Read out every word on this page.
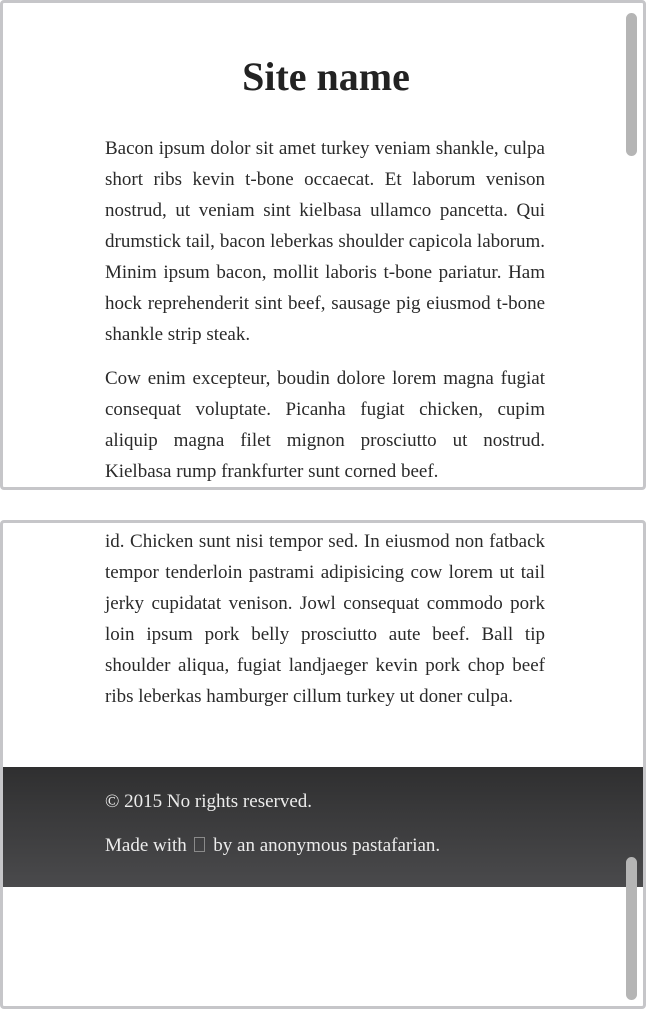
Site name

Bacon ipsum dolor sit amet turkey veniam shankle, culpa short ribs kevin t-bone occaecat. Et laborum venison nostrud, ut veniam sint kielbasa ullamco pancetta. Qui drumstick tail, bacon leberkas shoulder capicola laborum. Minim ipsum bacon, mollit laboris t-bone pariatur. Ham hock reprehenderit sint beef, sausage pig eiusmod t-bone shankle strip steak.

Cow enim excepteur, boudin dolore lorem magna fugiat consequat voluptate. Picanha fugiat chicken, cupim aliquip magna filet mignon prosciutto ut nostrud. Kielbasa rump frankfurter sunt corned beef.

id. Chicken sunt nisi tempor sed. In eiusmod non fatback tempor tenderloin pastrami adipisicing cow lorem ut tail jerky cupidatat venison. Jowl consequat commodo pork loin ipsum pork belly prosciutto aute beef. Ball tip shoulder aliqua, fugiat landjaeger kevin pork chop beef ribs leberkas hamburger cillum turkey ut doner culpa.

© 2015 No rights reserved.
Made with by an anonymous pastafarian.
